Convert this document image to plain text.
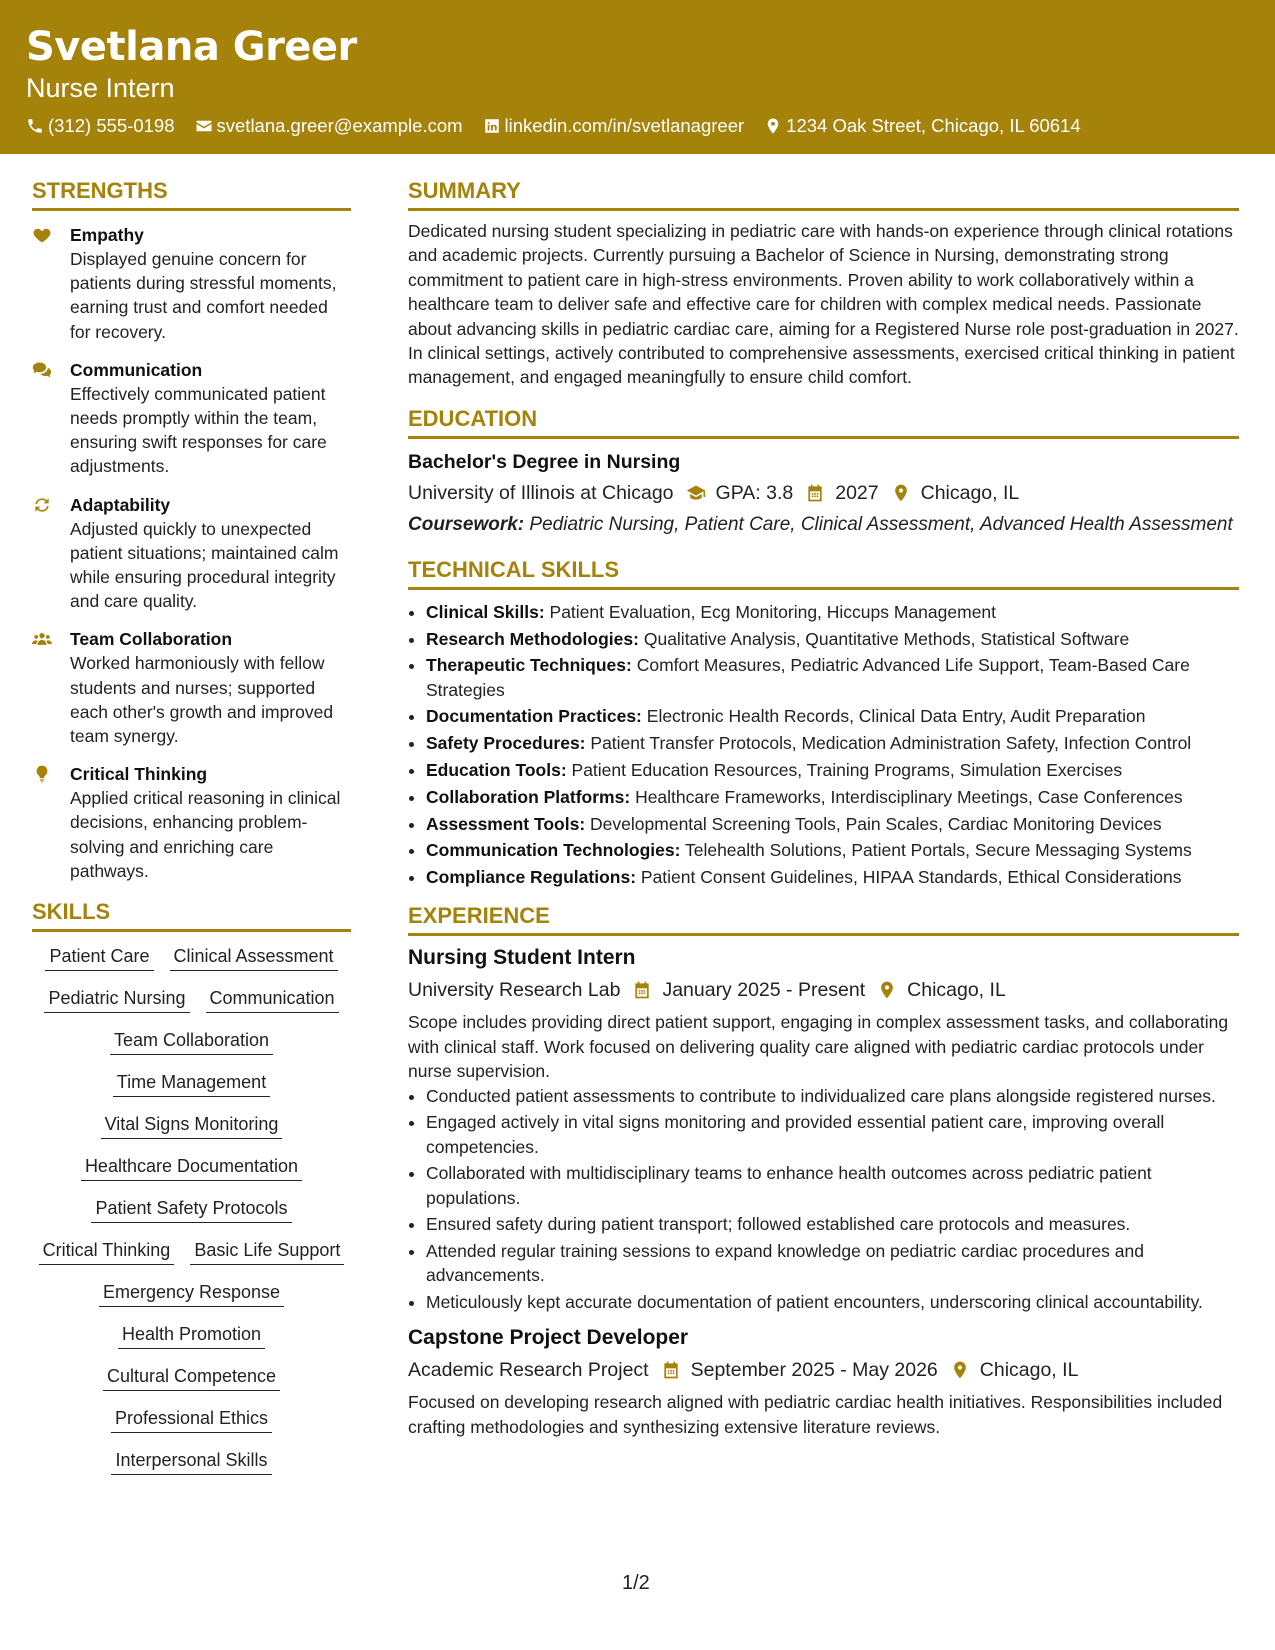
Svetlana Greer
Nurse Intern
(312) 555-0198 svetlana.greer@example.com linkedin.com/in/svetlanagreer 1234 Oak Street, Chicago, IL 60614
STRENGTHS
Empathy
Displayed genuine concern for patients during stressful moments, earning trust and comfort needed for recovery.
Communication
Effectively communicated patient needs promptly within the team, ensuring swift responses for care adjustments.
Adaptability
Adjusted quickly to unexpected patient situations; maintained calm while ensuring procedural integrity and care quality.
Team Collaboration
Worked harmoniously with fellow students and nurses; supported each other's growth and improved team synergy.
Critical Thinking
Applied critical reasoning in clinical decisions, enhancing problem-solving and enriching care pathways.
SKILLS
Patient Care Clinical Assessment
Pediatric Nursing Communication
Team Collaboration
Time Management
Vital Signs Monitoring
Healthcare Documentation
Patient Safety Protocols
Critical Thinking Basic Life Support
Emergency Response
Health Promotion
Cultural Competence
Professional Ethics
Interpersonal Skills
SUMMARY
Dedicated nursing student specializing in pediatric care with hands-on experience through clinical rotations and academic projects. Currently pursuing a Bachelor of Science in Nursing, demonstrating strong commitment to patient care in high-stress environments. Proven ability to work collaboratively within a healthcare team to deliver safe and effective care for children with complex medical needs. Passionate about advancing skills in pediatric cardiac care, aiming for a Registered Nurse role post-graduation in 2027. In clinical settings, actively contributed to comprehensive assessments, exercised critical thinking in patient management, and engaged meaningfully to ensure child comfort.
EDUCATION
Bachelor's Degree in Nursing
University of Illinois at Chicago GPA: 3.8 2027 Chicago, IL
Coursework: Pediatric Nursing, Patient Care, Clinical Assessment, Advanced Health Assessment
TECHNICAL SKILLS
• Clinical Skills: Patient Evaluation, Ecg Monitoring, Hiccups Management
• Research Methodologies: Qualitative Analysis, Quantitative Methods, Statistical Software
• Therapeutic Techniques: Comfort Measures, Pediatric Advanced Life Support, Team-Based Care Strategies
• Documentation Practices: Electronic Health Records, Clinical Data Entry, Audit Preparation
• Safety Procedures: Patient Transfer Protocols, Medication Administration Safety, Infection Control
• Education Tools: Patient Education Resources, Training Programs, Simulation Exercises
• Collaboration Platforms: Healthcare Frameworks, Interdisciplinary Meetings, Case Conferences
• Assessment Tools: Developmental Screening Tools, Pain Scales, Cardiac Monitoring Devices
• Communication Technologies: Telehealth Solutions, Patient Portals, Secure Messaging Systems
• Compliance Regulations: Patient Consent Guidelines, HIPAA Standards, Ethical Considerations
EXPERIENCE
Nursing Student Intern
University Research Lab January 2025 - Present Chicago, IL
Scope includes providing direct patient support, engaging in complex assessment tasks, and collaborating with clinical staff. Work focused on delivering quality care aligned with pediatric cardiac protocols under nurse supervision.
• Conducted patient assessments to contribute to individualized care plans alongside registered nurses.
• Engaged actively in vital signs monitoring and provided essential patient care, improving overall competencies.
• Collaborated with multidisciplinary teams to enhance health outcomes across pediatric patient populations.
• Ensured safety during patient transport; followed established care protocols and measures.
• Attended regular training sessions to expand knowledge on pediatric cardiac procedures and advancements.
• Meticulously kept accurate documentation of patient encounters, underscoring clinical accountability.
Capstone Project Developer
Academic Research Project September 2025 - May 2026 Chicago, IL
Focused on developing research aligned with pediatric cardiac health initiatives. Responsibilities included crafting methodologies and synthesizing extensive literature reviews.
1/2
